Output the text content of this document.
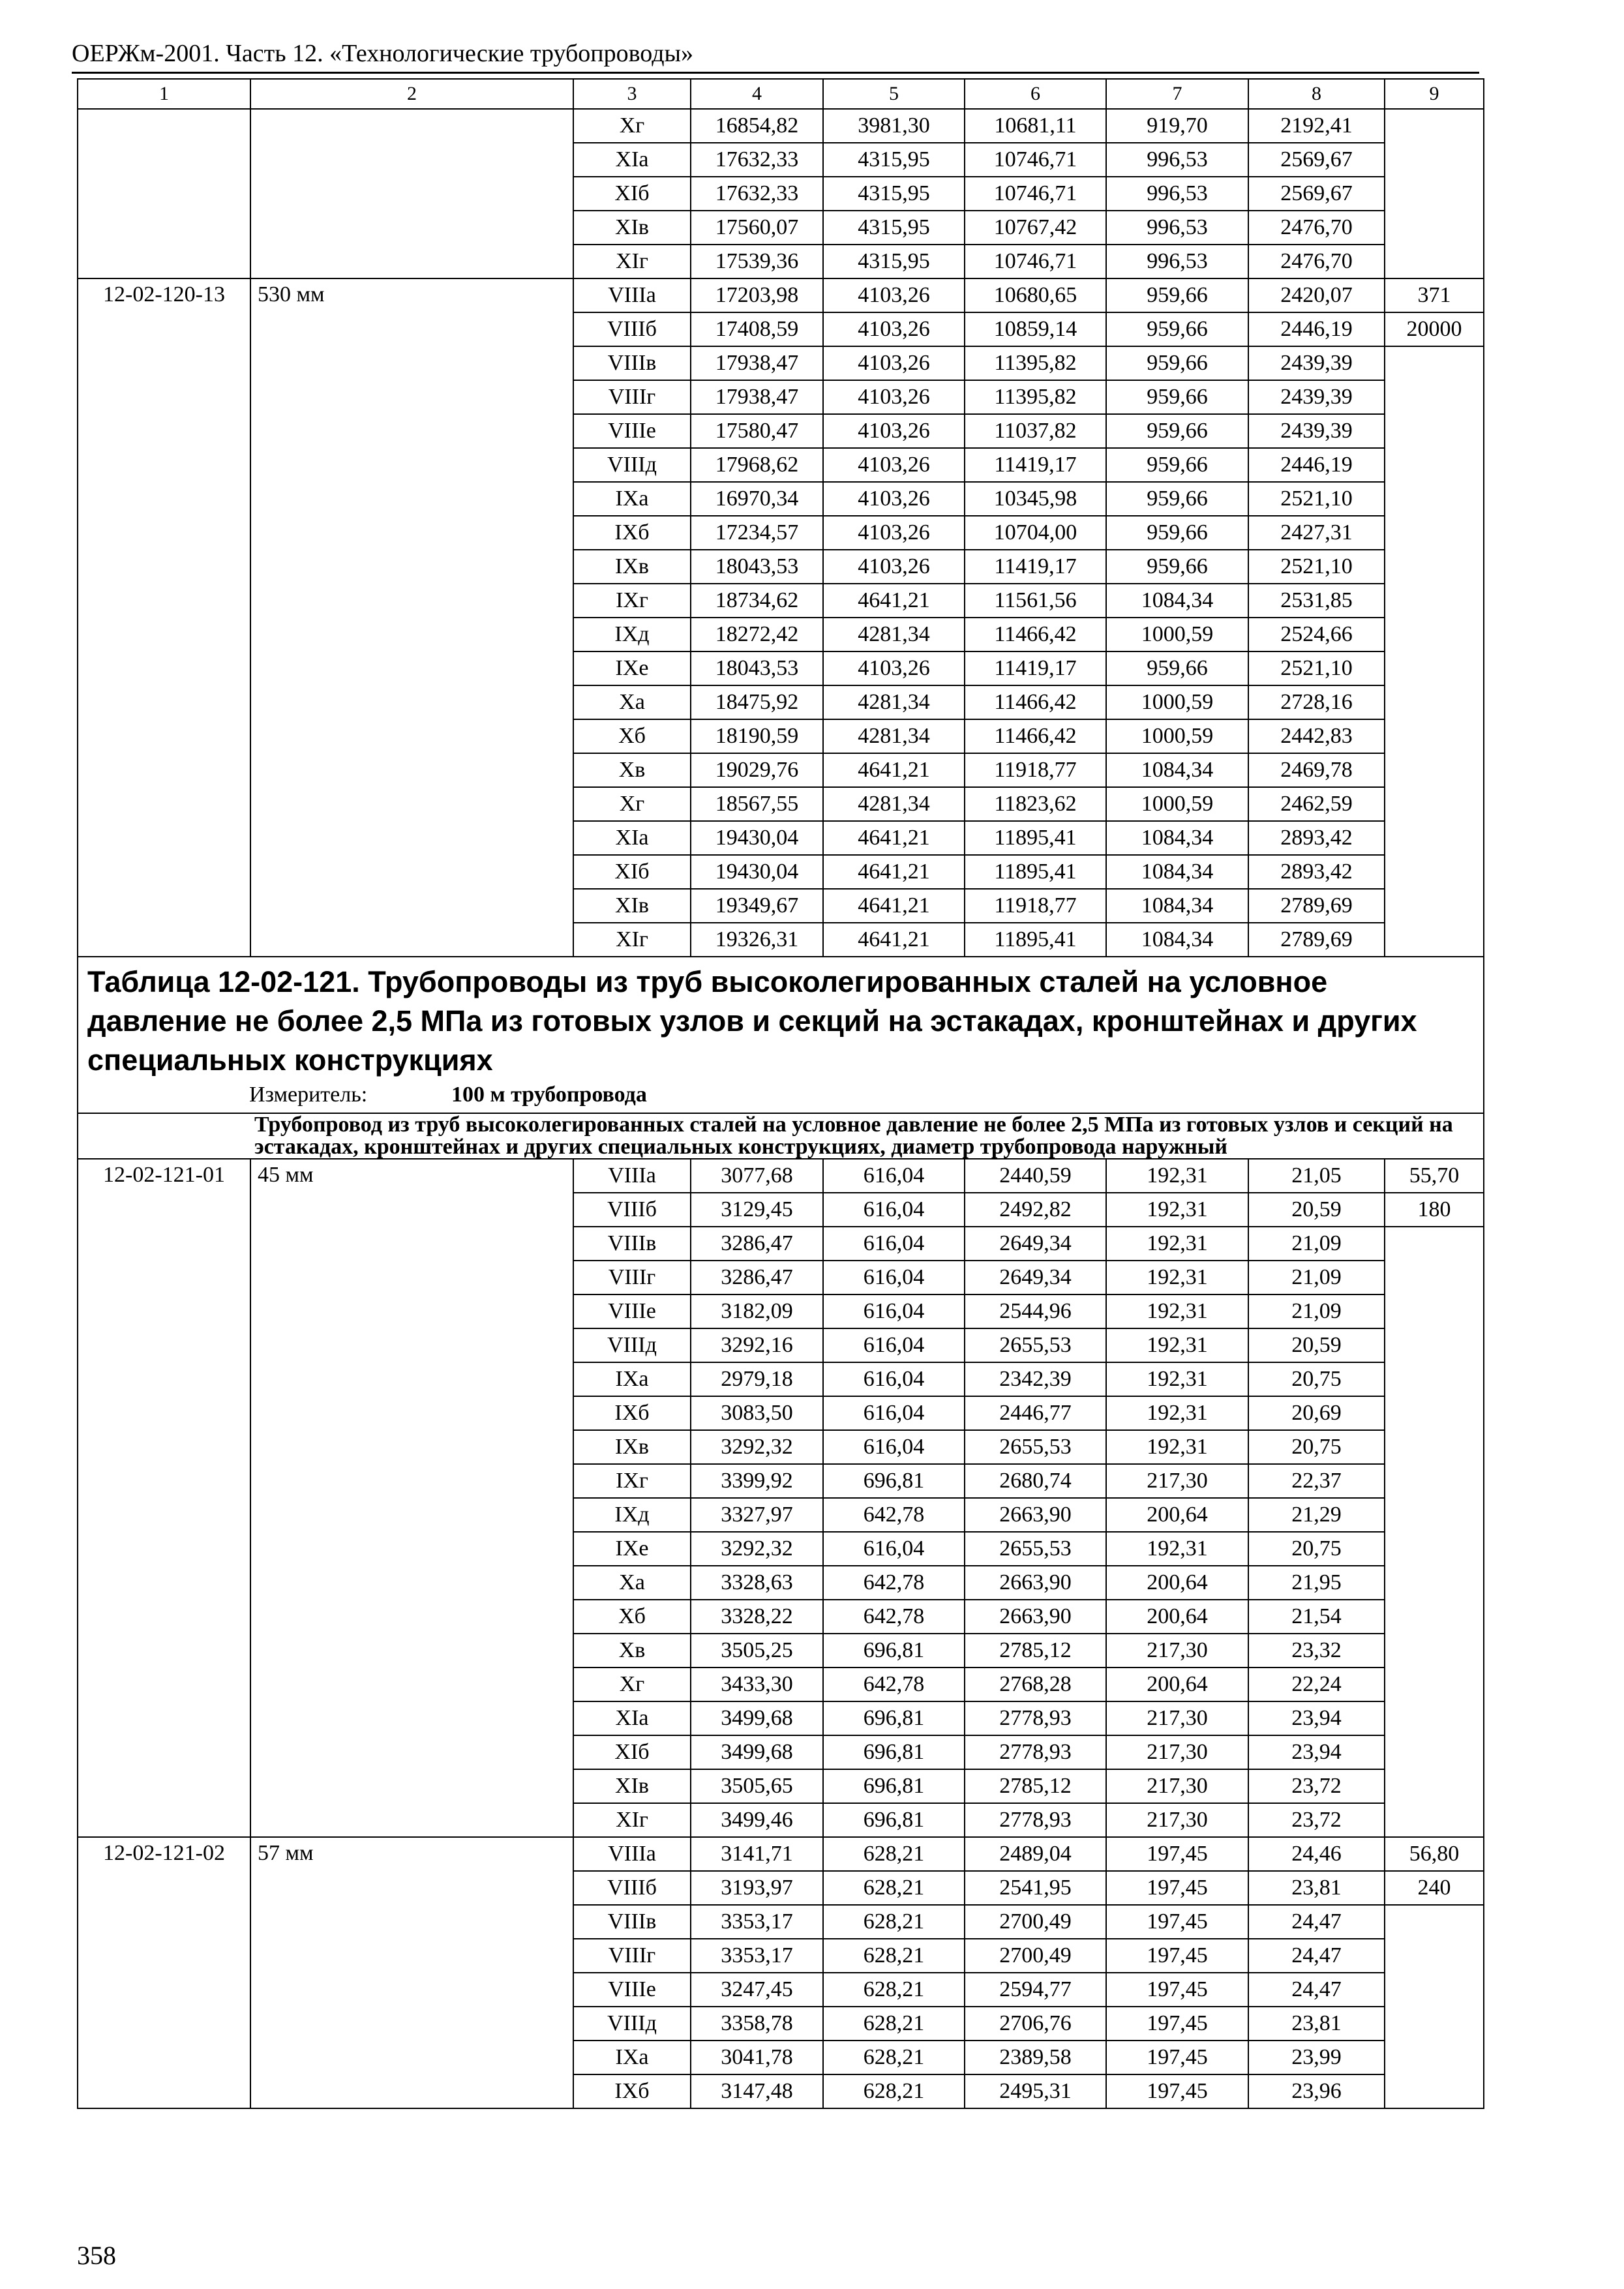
ОЕРЖм-2001. Часть 12. «Технологические трубопроводы»
1	2	3	4	5	6	7	8	9
		Xг	16854,82	3981,30	10681,11	919,70	2192,41	
		XIа	17632,33	4315,95	10746,71	996,53	2569,67	
		XIб	17632,33	4315,95	10746,71	996,53	2569,67	
		XIв	17560,07	4315,95	10767,42	996,53	2476,70	
		XIг	17539,36	4315,95	10746,71	996,53	2476,70	
12-02-120-13	530 мм	VIIIа	17203,98	4103,26	10680,65	959,66	2420,07	371
		VIIIб	17408,59	4103,26	10859,14	959,66	2446,19	20000
		VIIIв	17938,47	4103,26	11395,82	959,66	2439,39	
		VIIIг	17938,47	4103,26	11395,82	959,66	2439,39	
		VIIIе	17580,47	4103,26	11037,82	959,66	2439,39	
		VIIIд	17968,62	4103,26	11419,17	959,66	2446,19	
		IXа	16970,34	4103,26	10345,98	959,66	2521,10	
		IXб	17234,57	4103,26	10704,00	959,66	2427,31	
		IXв	18043,53	4103,26	11419,17	959,66	2521,10	
		IXг	18734,62	4641,21	11561,56	1084,34	2531,85	
		IXд	18272,42	4281,34	11466,42	1000,59	2524,66	
		IXе	18043,53	4103,26	11419,17	959,66	2521,10	
		Xа	18475,92	4281,34	11466,42	1000,59	2728,16	
		Xб	18190,59	4281,34	11466,42	1000,59	2442,83	
		Xв	19029,76	4641,21	11918,77	1084,34	2469,78	
		Xг	18567,55	4281,34	11823,62	1000,59	2462,59	
		XIа	19430,04	4641,21	11895,41	1084,34	2893,42	
		XIб	19430,04	4641,21	11895,41	1084,34	2893,42	
		XIв	19349,67	4641,21	11918,77	1084,34	2789,69	
		XIг	19326,31	4641,21	11895,41	1084,34	2789,69	

Таблица 12-02-121. Трубопроводы из труб высоколегированных сталей на условное давление не более 2,5 МПа из готовых узлов и секций на эстакадах, кронштейнах и других специальных конструкциях
Измеритель: 100 м трубопровода								

	Трубопровод из труб высоколегированных сталей на условное давление не более 2,5 МПа из готовых узлов и секций на эстакадах, кронштейнах и других специальных конструкциях, диаметр трубопровода наружный							
12-02-121-01	45 мм	VIIIа	3077,68	616,04	2440,59	192,31	21,05	55,70
		VIIIб	3129,45	616,04	2492,82	192,31	20,59	180
		VIIIв	3286,47	616,04	2649,34	192,31	21,09	
		VIIIг	3286,47	616,04	2649,34	192,31	21,09	
		VIIIе	3182,09	616,04	2544,96	192,31	21,09	
		VIIIд	3292,16	616,04	2655,53	192,31	20,59	
		IXа	2979,18	616,04	2342,39	192,31	20,75	
		IXб	3083,50	616,04	2446,77	192,31	20,69	
		IXв	3292,32	616,04	2655,53	192,31	20,75	
		IXг	3399,92	696,81	2680,74	217,30	22,37	
		IXд	3327,97	642,78	2663,90	200,64	21,29	
		IXе	3292,32	616,04	2655,53	192,31	20,75	
		Xа	3328,63	642,78	2663,90	200,64	21,95	
		Xб	3328,22	642,78	2663,90	200,64	21,54	
		Xв	3505,25	696,81	2785,12	217,30	23,32	
		Xг	3433,30	642,78	2768,28	200,64	22,24	
		XIа	3499,68	696,81	2778,93	217,30	23,94	
		XIб	3499,68	696,81	2778,93	217,30	23,94	
		XIв	3505,65	696,81	2785,12	217,30	23,72	
		XIг	3499,46	696,81	2778,93	217,30	23,72	
12-02-121-02	57 мм	VIIIа	3141,71	628,21	2489,04	197,45	24,46	56,80
		VIIIб	3193,97	628,21	2541,95	197,45	23,81	240
		VIIIв	3353,17	628,21	2700,49	197,45	24,47	
		VIIIг	3353,17	628,21	2700,49	197,45	24,47	
		VIIIе	3247,45	628,21	2594,77	197,45	24,47	
		VIIIд	3358,78	628,21	2706,76	197,45	23,81	
		IXа	3041,78	628,21	2389,58	197,45	23,99	
		IXб	3147,48	628,21	2495,31	197,45	23,96	
358
